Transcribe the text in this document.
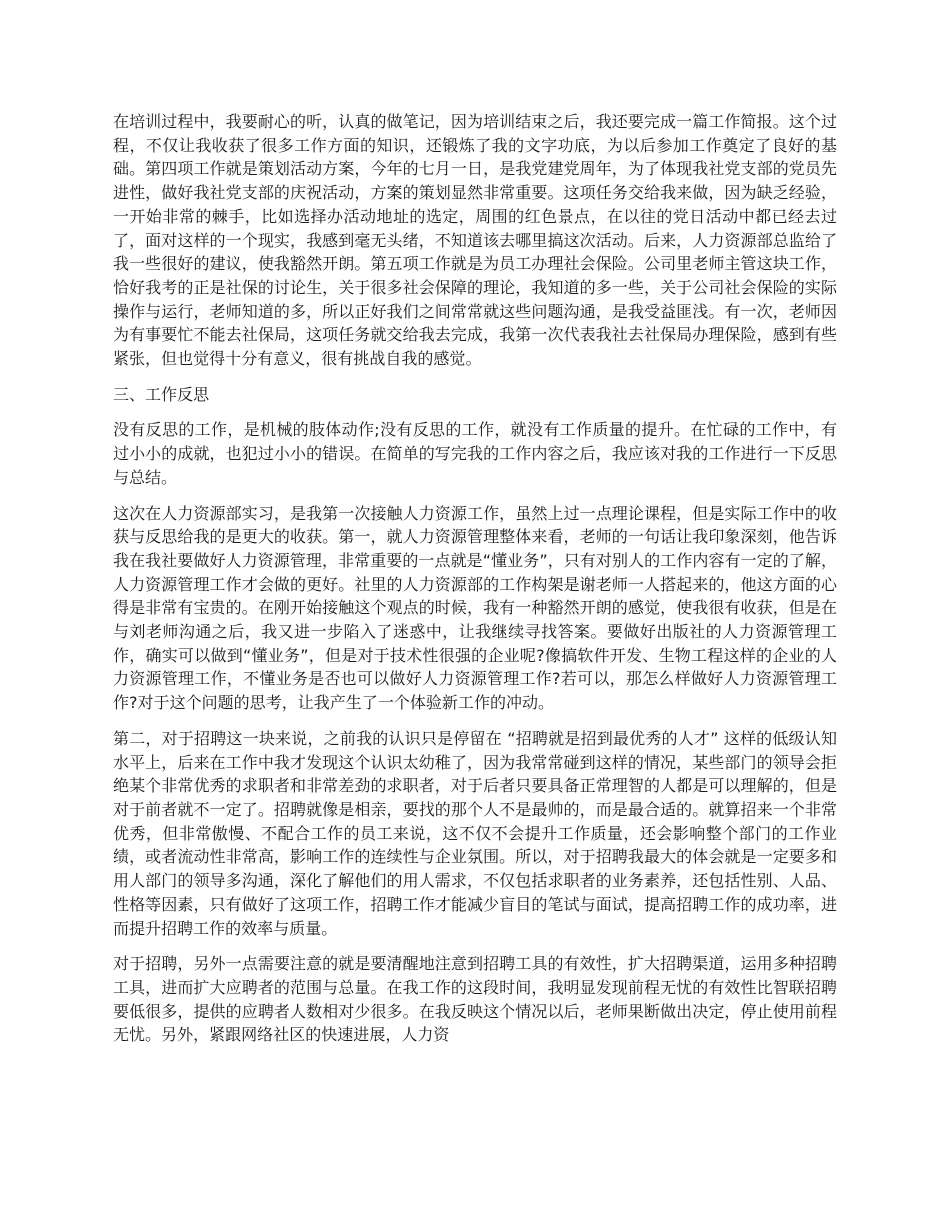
在培训过程中，我要耐心的听，认真的做笔记，因为培训结束之后，我还要完成一篇工作简报。这个过程，不仅让我收获了很多工作方面的知识，还锻炼了我的文字功底，为以后参加工作奠定了良好的基础。第四项工作就是策划活动方案，今年的七月一日，是我党建党周年，为了体现我社党支部的党员先进性，做好我社党支部的庆祝活动，方案的策划显然非常重要。这项任务交给我来做，因为缺乏经验，一开始非常的棘手，比如选择办活动地址的选定，周围的红色景点，在以往的党日活动中都已经去过了，面对这样的一个现实，我感到毫无头绪，不知道该去哪里搞这次活动。后来，人力资源部总监给了我一些很好的建议，使我豁然开朗。第五项工作就是为员工办理社会保险。公司里老师主管这块工作，恰好我考的正是社保的讨论生，关于很多社会保障的理论，我知道的多一些，关于公司社会保险的实际操作与运行，老师知道的多，所以正好我们之间常常就这些问题沟通，是我受益匪浅。有一次，老师因为有事要忙不能去社保局，这项任务就交给我去完成，我第一次代表我社去社保局办理保险，感到有些紧张，但也觉得十分有意义，很有挑战自我的感觉。

三、工作反思

没有反思的工作，是机械的肢体动作;没有反思的工作，就没有工作质量的提升。在忙碌的工作中，有过小小的成就，也犯过小小的错误。在简单的写完我的工作内容之后，我应该对我的工作进行一下反思与总结。

这次在人力资源部实习，是我第一次接触人力资源工作，虽然上过一点理论课程，但是实际工作中的收获与反思给我的是更大的收获。第一，就人力资源管理整体来看，老师的一句话让我印象深刻，他告诉我在我社要做好人力资源管理，非常重要的一点就是“懂业务”，只有对别人的工作内容有一定的了解，人力资源管理工作才会做的更好。社里的人力资源部的工作构架是谢老师一人搭起来的，他这方面的心得是非常有宝贵的。在刚开始接触这个观点的时候，我有一种豁然开朗的感觉，使我很有收获，但是在与刘老师沟通之后，我又进一步陷入了迷惑中，让我继续寻找答案。要做好出版社的人力资源管理工作，确实可以做到“懂业务”，但是对于技术性很强的企业呢?像搞软件开发、生物工程这样的企业的人力资源管理工作，不懂业务是否也可以做好人力资源管理工作?若可以，那怎么样做好人力资源管理工作?对于这个问题的思考，让我产生了一个体验新工作的冲动。

第二，对于招聘这一块来说，之前我的认识只是停留在 “招聘就是招到最优秀的人才” 这样的低级认知水平上，后来在工作中我才发现这个认识太幼稚了，因为我常常碰到这样的情况，某些部门的领导会拒绝某个非常优秀的求职者和非常差劲的求职者，对于后者只要具备正常理智的人都是可以理解的，但是对于前者就不一定了。招聘就像是相亲，要找的那个人不是最帅的，而是最合适的。就算招来一个非常优秀，但非常傲慢、不配合工作的员工来说，这不仅不会提升工作质量，还会影响整个部门的工作业绩，或者流动性非常高，影响工作的连续性与企业氛围。所以，对于招聘我最大的体会就是一定要多和用人部门的领导多沟通，深化了解他们的用人需求，不仅包括求职者的业务素养，还包括性别、人品、性格等因素，只有做好了这项工作，招聘工作才能减少盲目的笔试与面试，提高招聘工作的成功率，进而提升招聘工作的效率与质量。

对于招聘，另外一点需要注意的就是要清醒地注意到招聘工具的有效性，扩大招聘渠道，运用多种招聘工具，进而扩大应聘者的范围与总量。在我工作的这段时间，我明显发现前程无忧的有效性比智联招聘要低很多，提供的应聘者人数相对少很多。在我反映这个情况以后，老师果断做出决定，停止使用前程无忧。另外，紧跟网络社区的快速进展，人力资
